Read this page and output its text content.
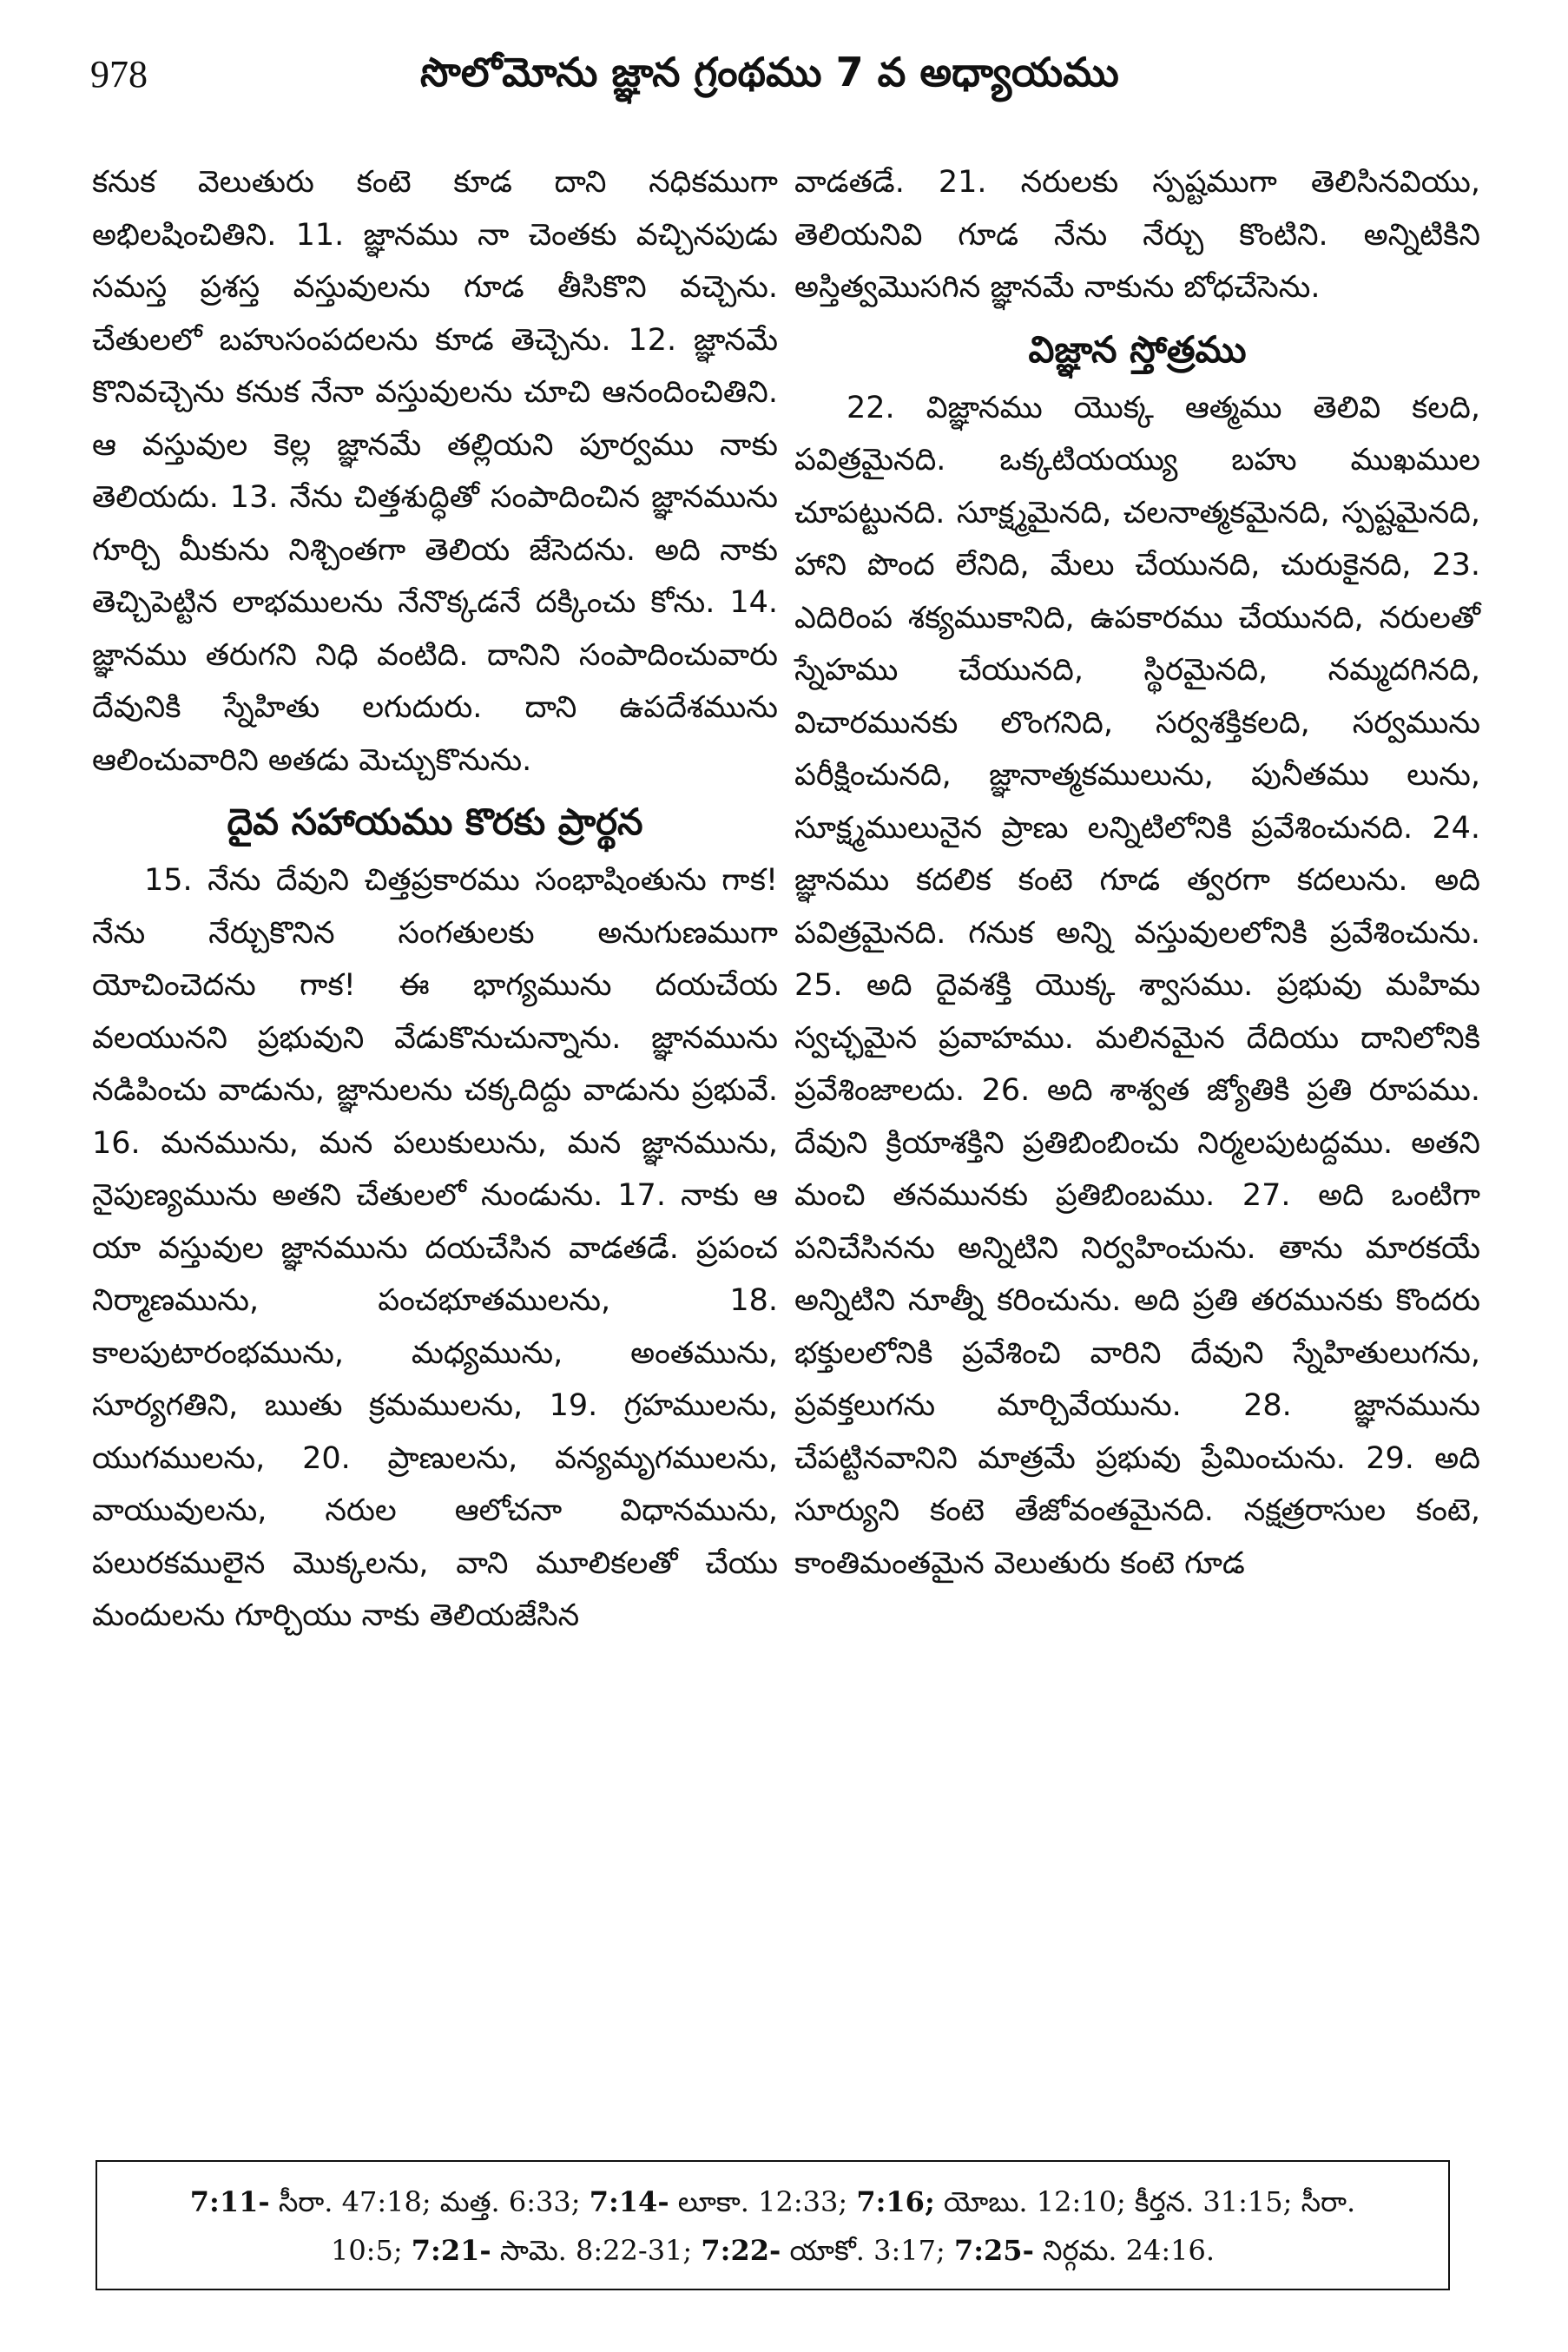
978	సొలోమోను జ్ఞాన గ్రంథము 7 వ అధ్యాయము

కనుక వెలుతురు కంటె కూడ దాని నధికముగా అభిలషించితిని. 11. జ్ఞానము నా చెంతకు వచ్చినపుడు సమస్త ప్రశస్త వస్తువులను గూడ తీసికొని వచ్చెను. చేతులలో బహుసంపదలను కూడ తెచ్చెను. 12. జ్ఞానమే కొనివచ్చెను కనుక నేనా వస్తువులను చూచి ఆనందించితిని. ఆ వస్తువుల కెల్ల జ్ఞానమే తల్లియని పూర్వము నాకు తెలియదు. 13. నేను చిత్తశుద్ధితో సంపాదించిన జ్ఞానమును గూర్చి మీకును నిశ్చింతగా తెలియ జేసెదను. అది నాకు తెచ్చిపెట్టిన లాభములను నేనొక్కడనే దక్కించు కోను. 14. జ్ఞానము తరుగని నిధి వంటిది. దానిని సంపాదించువారు దేవునికి స్నేహితు లగుదురు. దాని ఉపదేశమును ఆలించువారిని అతడు మెచ్చుకొనును.

దైవ సహాయము కొరకు ప్రార్థన

15. నేను దేవుని చిత్తప్రకారము సంభాషింతును గాక! నేను నేర్చుకొనిన సంగతులకు అనుగుణముగా యోచించెదను గాక! ఈ భాగ్యమును దయచేయ వలయునని ప్రభువుని వేడుకొనుచున్నాను. జ్ఞానమును నడిపించు వాడును, జ్ఞానులను చక్కదిద్దు వాడును ప్రభువే. 16. మనమును, మన పలుకులును, మన జ్ఞానమును, నైపుణ్యమును అతని చేతులలో నుండును. 17. నాకు ఆ యా వస్తువుల జ్ఞానమును దయచేసిన వాడతడే. ప్రపంచ నిర్మాణమును, పంచభూతములను, 18. కాలపుటారంభమును, మధ్యమును, అంతమును, సూర్యగతిని, ఋతు క్రమములను, 19. గ్రహములను, యుగములను, 20. ప్రాణులను, వన్యమృగములను, వాయువులను, నరుల ఆలోచనా విధానమును, పలురకములైన మొక్కలను, వాని మూలికలతో చేయు మందులను గూర్చియు నాకు తెలియజేసిన

వాడతడే. 21. నరులకు స్పష్టముగా తెలిసినవియు, తెలియనివి గూడ నేను నేర్చు కొంటిని. అన్నిటికిని అస్తిత్వమొసగిన జ్ఞానమే నాకును బోధచేసెను.

విజ్ఞాన స్తోత్రము

22. విజ్ఞానము యొక్క ఆత్మము తెలివి కలది, పవిత్రమైనది. ఒక్కటియయ్యు బహు ముఖముల చూపట్టునది. సూక్ష్మమైనది, చలనాత్మకమైనది, స్పష్టమైనది, హాని పొంద లేనిది, మేలు చేయునది, చురుకైనది, 23. ఎదిరింప శక్యముకానిది, ఉపకారము చేయునది, నరులతో స్నేహము చేయునది, స్థిరమైనది, నమ్మదగినది, విచారమునకు లొంగనిది, సర్వశక్తికలది, సర్వమును పరీక్షించునది, జ్ఞానాత్మకములును, పునీతము లును, సూక్ష్మములునైన ప్రాణు లన్నిటిలోనికి ప్రవేశించునది. 24. జ్ఞానము కదలిక కంటె గూడ త్వరగా కదలును. అది పవిత్రమైనది. గనుక అన్ని వస్తువులలోనికి ప్రవేశించును. 25. అది దైవశక్తి యొక్క శ్వాసము. ప్రభువు మహిమ స్వచ్ఛమైన ప్రవాహము. మలినమైన దేదియు దానిలోనికి ప్రవేశింజాలదు. 26. అది శాశ్వత జ్యోతికి ప్రతి రూపము. దేవుని క్రియాశక్తిని ప్రతిబింబించు నిర్మలపుటద్దము. అతని మంచి తనమునకు ప్రతిబింబము. 27. అది ఒంటిగా పనిచేసినను అన్నిటిని నిర్వహించును. తాను మారకయే అన్నిటిని నూత్నీ కరించును. అది ప్రతి తరమునకు కొందరు భక్తులలోనికి ప్రవేశించి వారిని దేవుని స్నేహితులుగను, ప్రవక్తలుగను మార్చివేయును. 28. జ్ఞానమును చేపట్టినవానిని మాత్రమే ప్రభువు ప్రేమించును. 29. అది సూర్యుని కంటె తేజోవంతమైనది. నక్షత్రరాసుల కంటె, కాంతిమంతమైన వెలుతురు కంటె గూడ

7:11- సీరా. 47:18; మత్త. 6:33; 7:14- లూకా. 12:33; 7:16; యోబు. 12:10; కీర్తన. 31:15; సీరా.
10:5; 7:21- సామె. 8:22-31; 7:22- యాకో. 3:17; 7:25- నిర్గమ. 24:16.
